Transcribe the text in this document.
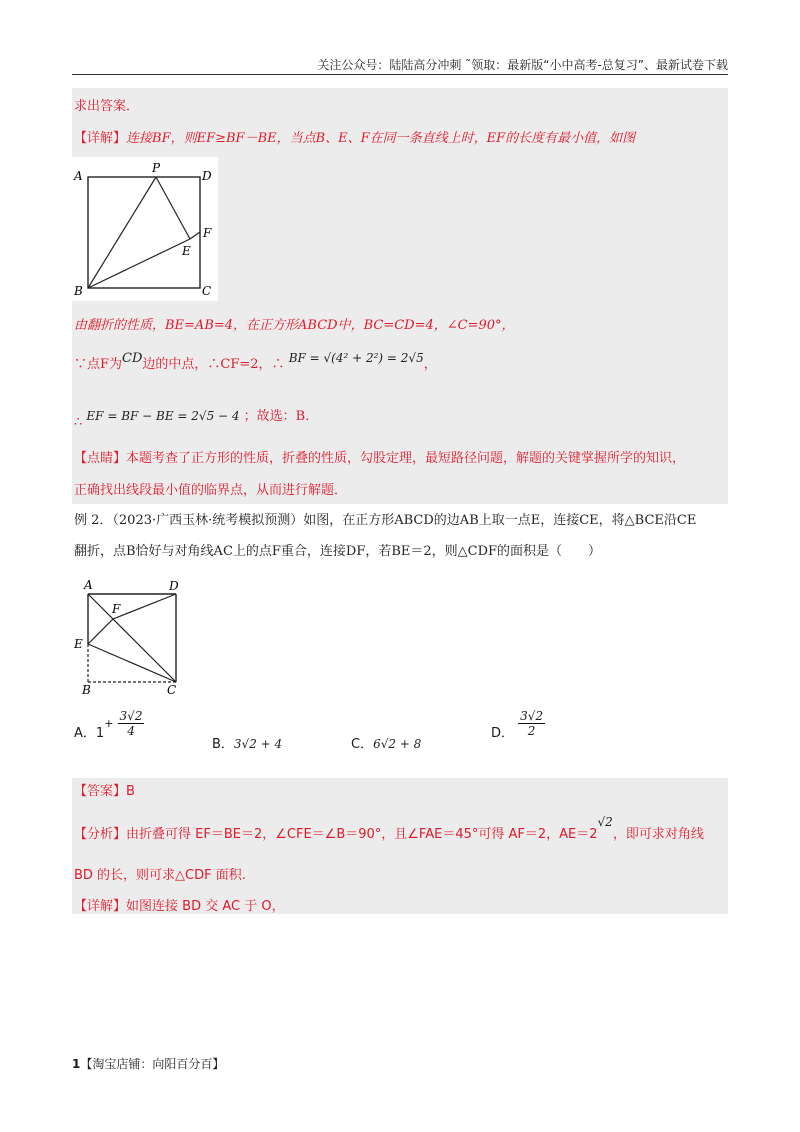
关注公众号：陆陆高分冲刺 ˜领取：最新版“小中高考-总复习”、最新试卷下载
求出答案．
【详解】连接BF，则EF≥BF－BE，当点B、E、F在同一条直线上时，EF的长度有最小值，如图
A
P
D
F
E
B	C
由翻折的性质，BE=AB=4，在正方形ABCD中，BC=CD=4，∠C=90°，
∵点F为CD边的中点，∴CF=2，∴ BF = √(4² + 2²) = 2√5，
∴ EF = BF − BE = 2√5 − 4 ；故选：B．
【点睛】本题考查了正方形的性质，折叠的性质，勾股定理，最短路径问题，解题的关键掌握所学的知识，
正确找出线段最小值的临界点，从而进行解题．
例 2．（2023·广西玉林·统考模拟预测）如图，在正方形ABCD的边AB上取一点E，连接CE，将△BCE沿CE
翻折，点B恰好与对角线AC上的点F重合，连接DF，若BE＝2，则△CDF的面积是（　　）
A	D
F
E
B	C
A．$1+ \frac{3√2}{4}$
B．3√2 + 4	C．6√2 + 8
D． $\frac{3√2}{2}$
【答案】B
【分析】由折叠可得 EF＝BE＝2，∠CFE＝∠B＝90°，且∠FAE＝45°可得 AF＝2，AE＝2√2，即可求对角线
BD 的长，则可求△CDF 面积.
【详解】如图连接 BD 交 AC 于 O，
1【淘宝店铺：向阳百分百】
